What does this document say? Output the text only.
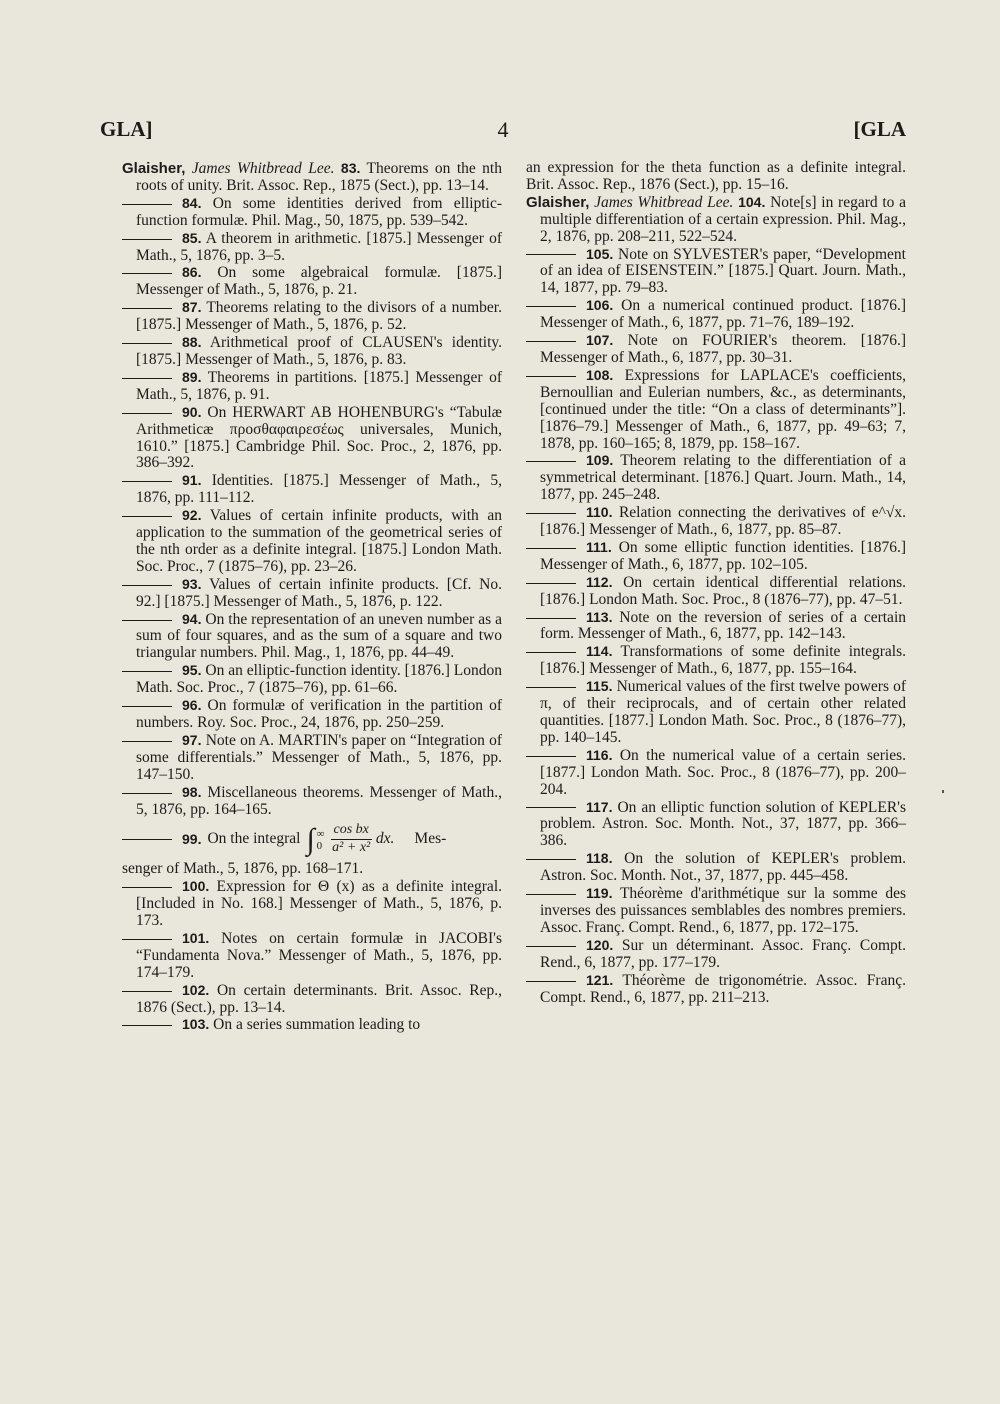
GLA]	4	[GLA

Glaisher, James Whitbread Lee. 83. Theorems on the nth roots of unity. Brit. Assoc. Rep., 1875 (Sect.), pp. 13–14.

84. On some identities derived from elliptic-function formulæ. Phil. Mag., 50, 1875, pp. 539–542.

85. A theorem in arithmetic. [1875.] Messenger of Math., 5, 1876, pp. 3–5.

86. On some algebraical formulæ. [1875.] Messenger of Math., 5, 1876, p. 21.

87. Theorems relating to the divisors of a number. [1875.] Messenger of Math., 5, 1876, p. 52.

88. Arithmetical proof of CLAUSEN's identity. [1875.] Messenger of Math., 5, 1876, p. 83.

89. Theorems in partitions. [1875.] Messenger of Math., 5, 1876, p. 91.

90. On HERWART AB HOHENBURG's “Tabulæ Arithmeticæ προσθαφαιρεσέως universales, Munich, 1610.” [1875.] Cambridge Phil. Soc. Proc., 2, 1876, pp. 386–392.

91. Identities. [1875.] Messenger of Math., 5, 1876, pp. 111–112.

92. Values of certain infinite products, with an application to the summation of the geometrical series of the nth order as a definite integral. [1875.] London Math. Soc. Proc., 7 (1875–76), pp. 23–26.

93. Values of certain infinite products. [Cf. No. 92.] [1875.] Messenger of Math., 5, 1876, p. 122.

94. On the representation of an uneven number as a sum of four squares, and as the sum of a square and two triangular numbers. Phil. Mag., 1, 1876, pp. 44–49.

95. On an elliptic-function identity. [1876.] London Math. Soc. Proc., 7 (1875–76), pp. 61–66.

96. On formulæ of verification in the partition of numbers. Roy. Soc. Proc., 24, 1876, pp. 250–259.

97. Note on A. MARTIN's paper on “Integration of some differentials.” Messenger of Math., 5, 1876, pp. 147–150.

98. Miscellaneous theorems. Messenger of Math., 5, 1876, pp. 164–165.

99. On the integral ∫ ∞
$0 \frac{\text{cos bx}}{\text{a² + x²}}$ dx. Mes-

senger of Math., 5, 1876, pp. 168–171.

100. Expression for Θ (x) as a definite integral. [Included in No. 168.] Messenger of Math., 5, 1876, p. 173.

101. Notes on certain formulæ in JACOBI's “Fundamenta Nova.” Messenger of Math., 5, 1876, pp. 174–179.

102. On certain determinants. Brit. Assoc. Rep., 1876 (Sect.), pp. 13–14.

103. On a series summation leading to

an expression for the theta function as a definite integral. Brit. Assoc. Rep., 1876 (Sect.), pp. 15–16.

Glaisher, James Whitbread Lee. 104. Note[s] in regard to a multiple differentiation of a certain expression. Phil. Mag., 2, 1876, pp. 208–211, 522–524.

105. Note on SYLVESTER's paper, “Development of an idea of EISENSTEIN.” [1875.] Quart. Journ. Math., 14, 1877, pp. 79–83.

106. On a numerical continued product. [1876.] Messenger of Math., 6, 1877, pp. 71–76, 189–192.

107. Note on FOURIER's theorem. [1876.] Messenger of Math., 6, 1877, pp. 30–31.

108. Expressions for LAPLACE's coefficients, Bernoullian and Eulerian numbers, &c., as determinants, [continued under the title: “On a class of determinants”]. [1876–79.] Messenger of Math., 6, 1877, pp. 49–63; 7, 1878, pp. 160–165; 8, 1879, pp. 158–167.

109. Theorem relating to the differentiation of a symmetrical determinant. [1876.] Quart. Journ. Math., 14, 1877, pp. 245–248.

110. Relation connecting the derivatives of e^√x. [1876.] Messenger of Math., 6, 1877, pp. 85–87.

111. On some elliptic function identities. [1876.] Messenger of Math., 6, 1877, pp. 102–105.

112. On certain identical differential relations. [1876.] London Math. Soc. Proc., 8 (1876–77), pp. 47–51.

113. Note on the reversion of series of a certain form. Messenger of Math., 6, 1877, pp. 142–143.

114. Transformations of some definite integrals. [1876.] Messenger of Math., 6, 1877, pp. 155–164.

115. Numerical values of the first twelve powers of π, of their reciprocals, and of certain other related quantities. [1877.] London Math. Soc. Proc., 8 (1876–77), pp. 140–145.

116. On the numerical value of a certain series. [1877.] London Math. Soc. Proc., 8 (1876–77), pp. 200–204.

117. On an elliptic function solution of KEPLER's problem. Astron. Soc. Month. Not., 37, 1877, pp. 366–386.

118. On the solution of KEPLER's problem. Astron. Soc. Month. Not., 37, 1877, pp. 445–458.

119. Théorème d'arithmétique sur la somme des inverses des puissances semblables des nombres premiers. Assoc. Franç. Compt. Rend., 6, 1877, pp. 172–175.

120. Sur un déterminant. Assoc. Franç. Compt. Rend., 6, 1877, pp. 177–179.

121. Théorème de trigonométrie. Assoc. Franç. Compt. Rend., 6, 1877, pp. 211–213.
